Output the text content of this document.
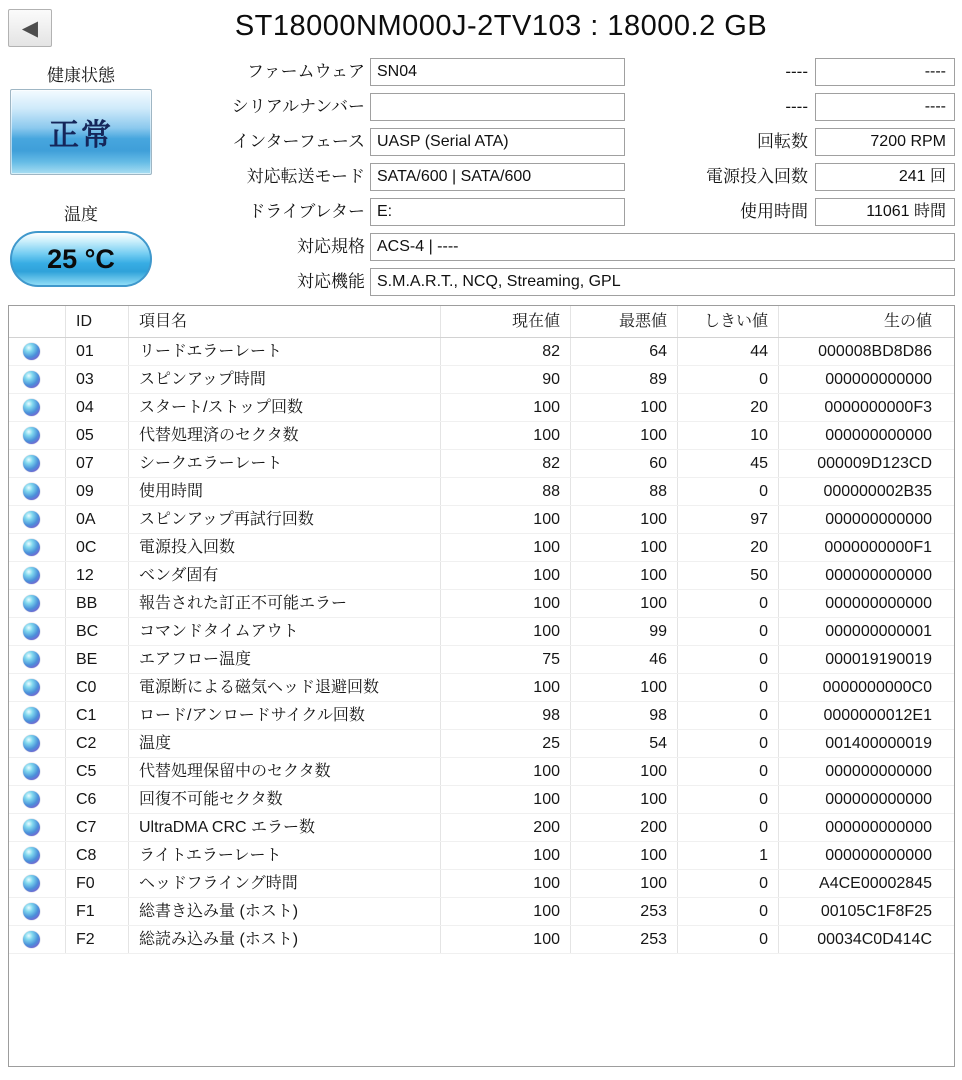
◀	ST18000NM000J-2TV103 : 18000.2 GB
健康状態
正常
温度
25 °C
ファームウェア SN04
シリアルナンバー
インターフェース UASP (Serial ATA)
対応転送モード SATA/600 | SATA/600
ドライブレター E:
対応規格 ACS-4 | ----
対応機能 S.M.A.R.T., NCQ, Streaming, GPL
----	----
----	----
回転数	7200 RPM
電源投入回数	241 回
使用時間	11061 時間
ID	項目名	現在値	最悪値	しきい値	生の値
01	リードエラーレート	82	64	44	000008BD8D86
03	スピンアップ時間	90	89	0	000000000000
04	スタート/ストップ回数	100	100	20	0000000000F3
05	代替処理済のセクタ数	100	100	10	000000000000
07	シークエラーレート	82	60	45	000009D123CD
09	使用時間	88	88	0	000000002B35
0A	スピンアップ再試行回数	100	100	97	000000000000
0C	電源投入回数	100	100	20	0000000000F1
12	ベンダ固有	100	100	50	000000000000
BB	報告された訂正不可能エラー	100	100	0	000000000000
BC	コマンドタイムアウト	100	99	0	000000000001
BE	エアフロー温度	75	46	0	000019190019
C0	電源断による磁気ヘッド退避回数	100	100	0	0000000000C0
C1	ロード/アンロードサイクル回数	98	98	0	0000000012E1
C2	温度	25	54	0	001400000019
C5	代替処理保留中のセクタ数	100	100	0	000000000000
C6	回復不可能セクタ数	100	100	0	000000000000
C7	UltraDMA CRC エラー数	200	200	0	000000000000
C8	ライトエラーレート	100	100	1	000000000000
F0	ヘッドフライング時間	100	100	0	A4CE00002845
F1	総書き込み量 (ホスト)	100	253	0	00105C1F8F25
F2	総読み込み量 (ホスト)	100	253	0	00034C0D414C
